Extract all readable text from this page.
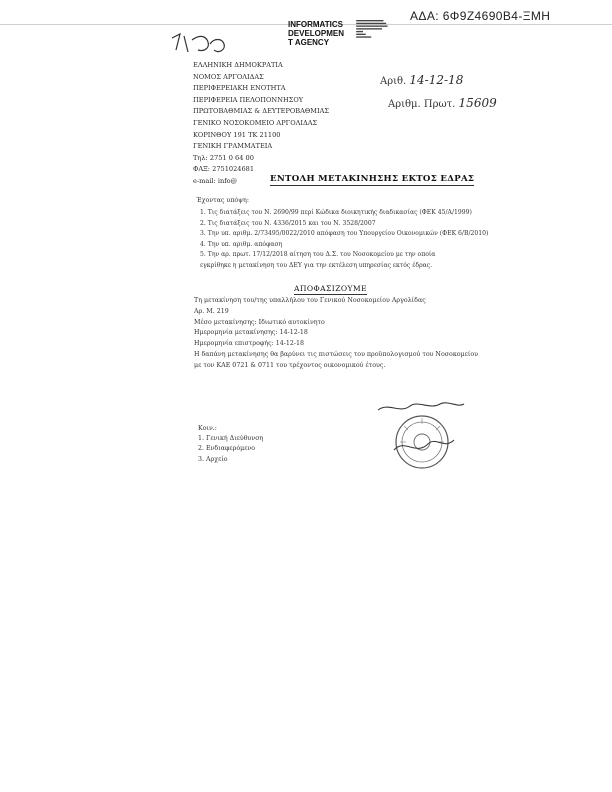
ΑΔΑ: 6Φ9Ζ4690Β4-ΞΜΗ
INFORMATICS
DEVELOPMEN
T AGENCY
Αριθ. 14-12-18
Αριθμ. Πρωτ. 15609
ΕΛΛΗΝΙΚΗ ΔΗΜΟΚΡΑΤΙΑ
ΝΟΜΟΣ ΑΡΓΟΛΙΔΑΣ
ΠΕΡΙΦΕΡΕΙΑΚΗ ΕΝΟΤΗΤΑ
ΠΕΡΙΦΕΡΕΙΑ ΠΕΛΟΠΟΝΝΗΣΟΥ
ΠΡΩΤΟΒΑΘΜΙΑΣ & ΔΕΥΤΕΡΟΒΑΘΜΙΑΣ
ΓΕΝΙΚΟ ΝΟΣΟΚΟΜΕΙΟ ΑΡΓΟΛΙΔΑΣ
ΚΟΡΙΝΘΟΥ 191 ΤΚ 21100
ΓΕΝΙΚΗ ΓΡΑΜΜΑΤΕΙΑ
Τηλ: 2751 0 64 00
ΦΑΞ: 2751024681
e-mail: info@	ΕΝΤΟΛΗ ΜΕΤΑΚΙΝΗΣΗΣ ΕΚΤΟΣ ΕΔΡΑΣ
Έχοντας υπόψη:
1. Τις διατάξεις του Ν. 2690/99 περί Κώδικα διοικητικής διαδικασίας (ΦΕΚ 45/Α/1999)
2. Τις διατάξεις του Ν. 4336/2015 και του Ν. 3528/2007
3. Την υπ. αριθμ. 2/73495/0022/2010 απόφαση του Υπουργείου Οικονομικών (ΦΕΚ 6/Β/2010)
4. Την υπ. αριθμ. απόφαση
5. Την αρ. πρωτ. 17/12/2018 αίτηση του Δ.Σ. του Νοσοκομείου με την οποία
εγκρίθηκε η μετακίνηση του ΔΕΥ για την εκτέλεση υπηρεσίας εκτός έδρας.
ΑΠΟΦΑΣΙΖΟΥΜΕ
Τη μετακίνηση του/της υπαλλήλου του Γενικού Νοσοκομείου Αργολίδας
Αρ. Μ. 219
Μέσο μετακίνησης: Ιδιωτικό αυτοκίνητο
Ημερομηνία μετακίνησης: 14-12-18
Ημερομηνία επιστροφής: 14-12-18
Η δαπάνη μετακίνησης θα βαρύνει τις πιστώσεις του προϋπολογισμού του Νοσοκομείου
με τον ΚΑΕ 0721 & 0711 του τρέχοντος οικονομικού έτους.
Κοιν.:
1. Γενική Διεύθυνση
2. Ενδιαφερόμενο
3. Αρχείο
